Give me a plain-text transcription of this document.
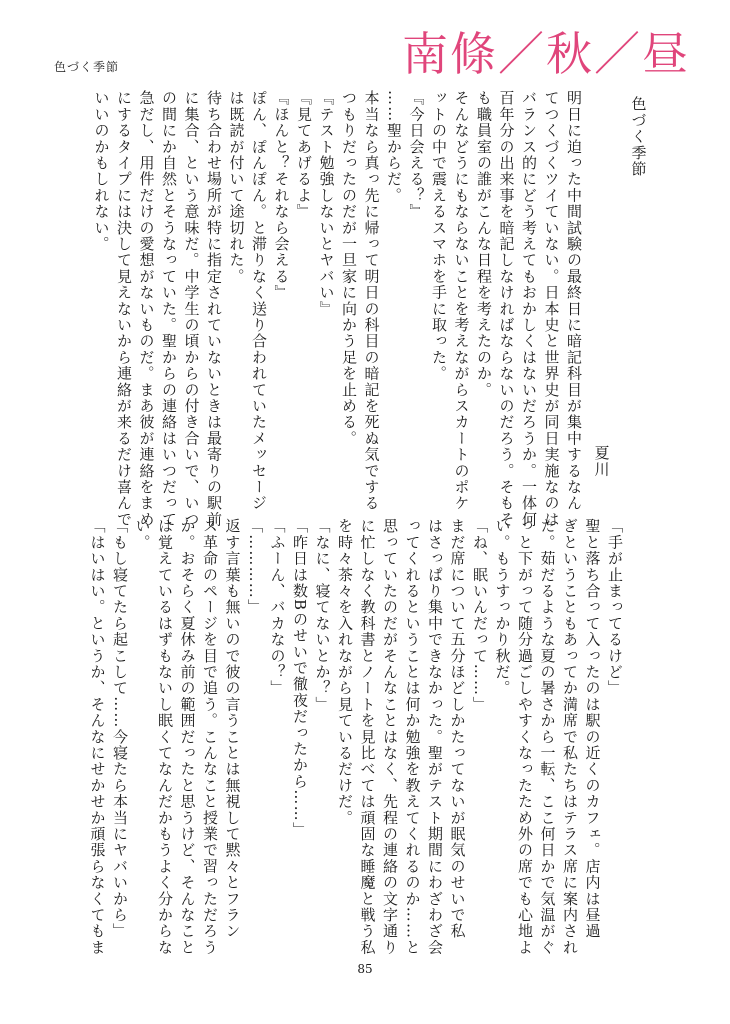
南條／秋／昼
色づく季節
色づく季節
夏川

明日に迫った中間試験の最終日に暗記科目が集中するなん

てつくづくツイていない。日本史と世界史が同日実施なのは

バランス的にどう考えてもおかしくはないだろうか。一体何

百年分の出来事を暗記しなければならないのだろう。そもそ

も職員室の誰がこんな日程を考えたのか。

そんなどうにもならないことを考えながらスカートのポケ

ットの中で震えるスマホを手に取った。

『今日会える？』

……聖からだ。

本当なら真っ先に帰って明日の科目の暗記を死ぬ気でする

つもりだったのだが一旦家に向かう足を止める。

『テスト勉強しないとヤバい』

『見てあげるよ』

『ほんと？それなら会える』

ぽん、ぽんぽん。と滞りなく送り合われていたメッセージ

は既読が付いて途切れた。

待ち合わせ場所が特に指定されていないときは最寄りの駅前

に集合、という意味だ。中学生の頃からの付き合いで、いつ

の間にか自然とそうなっていた。聖からの連絡はいつだって

急だし、用件だけの愛想がないものだ。まあ彼が連絡をまめ

にするタイプには決して見えないから連絡が来るだけ喜んで

いいのかもしれない。

「手が止まってるけど」

聖と落ち合って入ったのは駅の近くのカフェ。店内は昼過

ぎということもあってか満席で私たちはテラス席に案内され

た。茹だるような夏の暑さから一転、ここ何日かで気温がぐ

っと下がって随分過ごしやすくなったため外の席でも心地よ

い。もうすっかり秋だ。

「ね、眠いんだって……」

まだ席について五分ほどしかたってないが眠気のせいで私

はさっぱり集中できなかった。聖がテスト期間にわざわざ会

ってくれるということは何か勉強を教えてくれるのか……と

思っていたのだがそんなことはなく、先程の連絡の文字通り

に忙しなく教科書とノートを見比べては頑固な睡魔と戦う私

を時々茶々を入れながら見ているだけだ。

「なに、寝てないとか？」

「昨日は数Bのせいで徹夜だったから……」

「ふーん、バカなの？」

「…………」

返す言葉も無いので彼の言うことは無視して黙々とフラン

ス革命のページを目で追う。こんなこと授業で習っただろう

か。おそらく夏休み前の範囲だったと思うけど、そんなこと

は覚えているはずもないし眠くてなんだかもうよく分からな

い。

「もし寝てたら起こして……今寝たら本当にヤバいから」

「はいはい。というか、そんなにせかせか頑張らなくてもま

85
